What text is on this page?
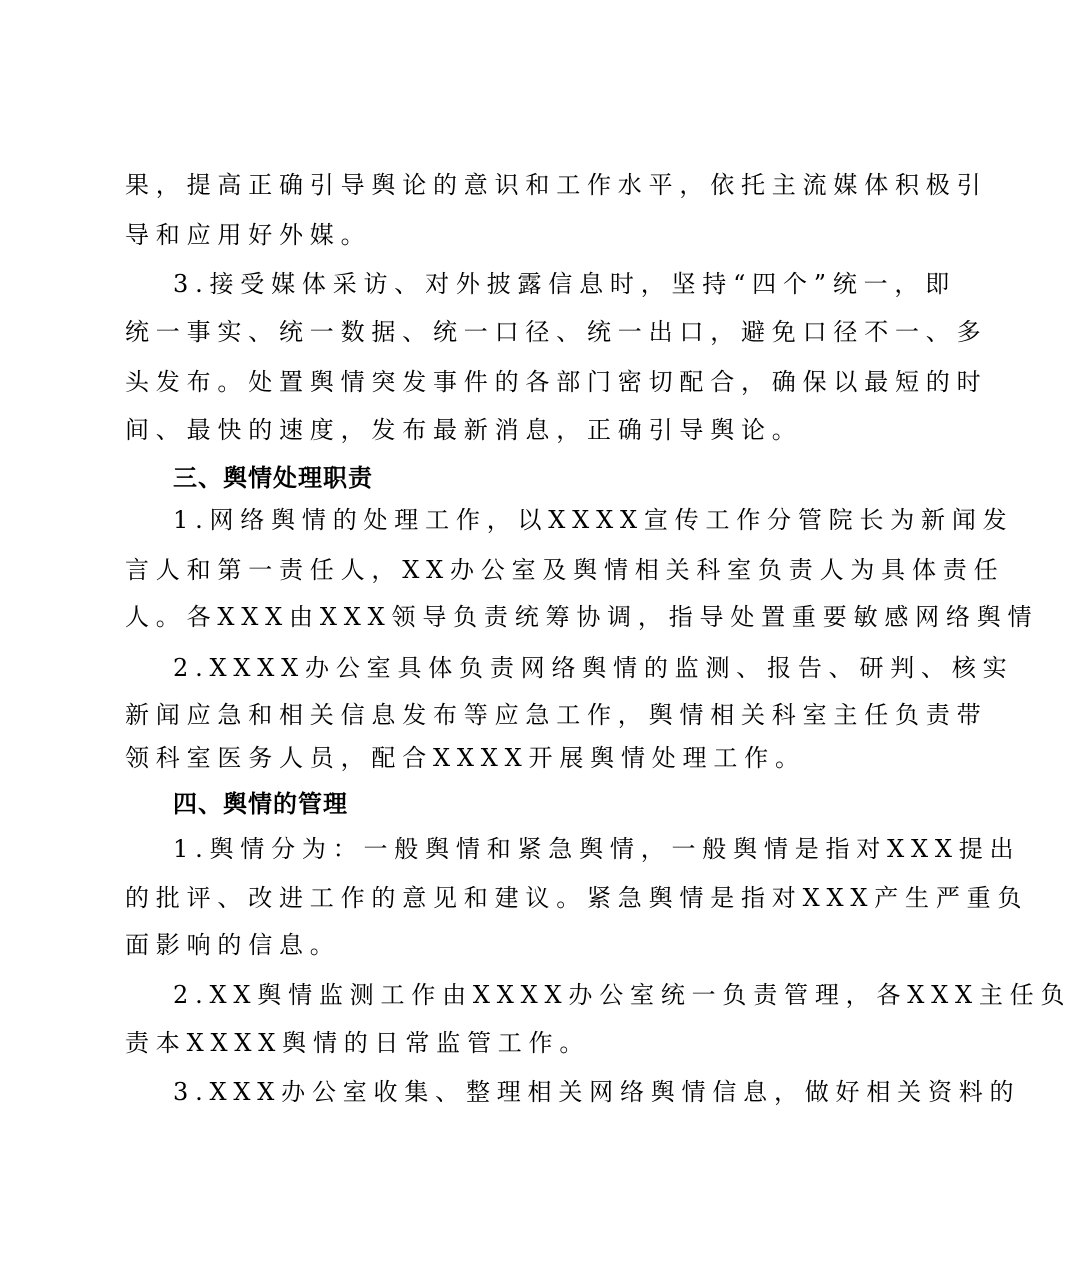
果，提高正确引导舆论的意识和工作水平，依托主流媒体积极引
导和应用好外媒。
3.接受媒体采访、对外披露信息时，坚持“四个”统一，即
统一事实、统一数据、统一口径、统一出口，避免口径不一、多
头发布。处置舆情突发事件的各部门密切配合，确保以最短的时
间、最快的速度，发布最新消息，正确引导舆论。
三、舆情处理职责
1.网络舆情的处理工作，以XXXX宣传工作分管院长为新闻发
言人和第一责任人，XX办公室及舆情相关科室负责人为具体责任
人。各XXX由XXX领导负责统筹协调，指导处置重要敏感网络舆情
2.XXXX办公室具体负责网络舆情的监测、报告、研判、核实
新闻应急和相关信息发布等应急工作，舆情相关科室主任负责带
领科室医务人员，配合XXXX开展舆情处理工作。
四、舆情的管理
1.舆情分为：一般舆情和紧急舆情，一般舆情是指对XXX提出
的批评、改进工作的意见和建议。紧急舆情是指对XXX产生严重负
面影响的信息。
2.XX舆情监测工作由XXXX办公室统一负责管理，各XXX主任负
责本XXXX舆情的日常监管工作。
3.XXX办公室收集、整理相关网络舆情信息，做好相关资料的
